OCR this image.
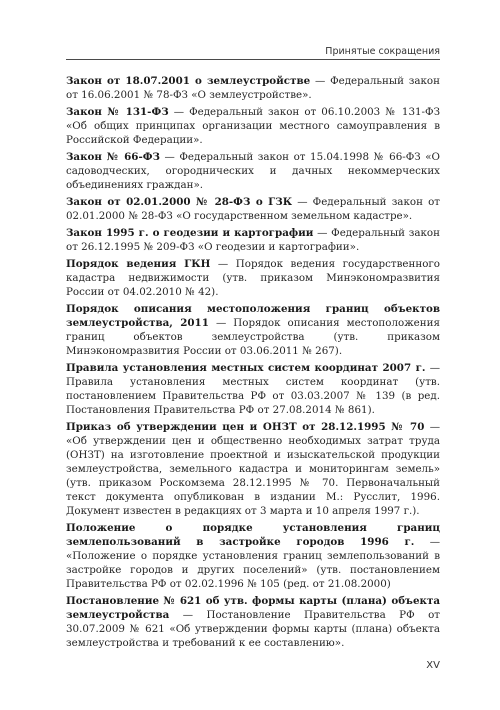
Принятые сокращения

Закон от 18.07.2001 о землеустройстве — Федеральный закон от 16.06.2001 № 78-ФЗ «О землеустройстве».

Закон № 131-ФЗ — Федеральный закон от 06.10.2003 № 131-ФЗ «Об общих принципах организации местного самоуправления в Российской Федерации».

Закон № 66-ФЗ — Федеральный закон от 15.04.1998 № 66-ФЗ «О садоводческих, огороднических и дачных некоммерческих объединениях граждан».

Закон от 02.01.2000 № 28-ФЗ о ГЗК — Федеральный закон от 02.01.2000 № 28-ФЗ «О государственном земельном кадастре».

Закон 1995 г. о геодезии и картографии — Федеральный закон от 26.12.1995 № 209-ФЗ «О геодезии и картографии».

Порядок ведения ГКН — Порядок ведения государственного кадастра недвижимости (утв. приказом Минэкономразвития России от 04.02.2010 № 42).

Порядок описания местоположения границ объектов землеустройства, 2011 — Порядок описания местоположения границ объектов землеустройства (утв. приказом Минэкономразвития России от 03.06.2011 № 267).

Правила установления местных систем координат 2007 г. — Правила установления местных систем координат (утв. постановлением Правительства РФ от 03.03.2007 № 139 (в ред. Постановления Правительства РФ от 27.08.2014 № 861).

Приказ об утверждении цен и ОНЗТ от 28.12.1995 № 70 — «Об утверждении цен и общественно необходимых затрат труда (ОНЗТ) на изготовление проектной и изыскательской продукции землеустройства, земельного кадастра и мониторингам земель» (утв. приказом Роскомзема 28.12.1995 № 70. Первоначальный текст документа опубликован в издании М.: Русслит, 1996. Документ известен в редакциях от 3 марта и 10 апреля 1997 г.).

Положение о порядке установления границ землепользований в застройке городов 1996 г. — «Положение о порядке установления границ землепользований в застройке городов и других поселений» (утв. постановлением Правительства РФ от 02.02.1996 № 105 (ред. от 21.08.2000)

Постановление № 621 об утв. формы карты (плана) объекта землеустройства — Постановление Правительства РФ от 30.07.2009 № 621 «Об утверждении формы карты (плана) объекта землеустройства и требований к ее составлению».

XV
